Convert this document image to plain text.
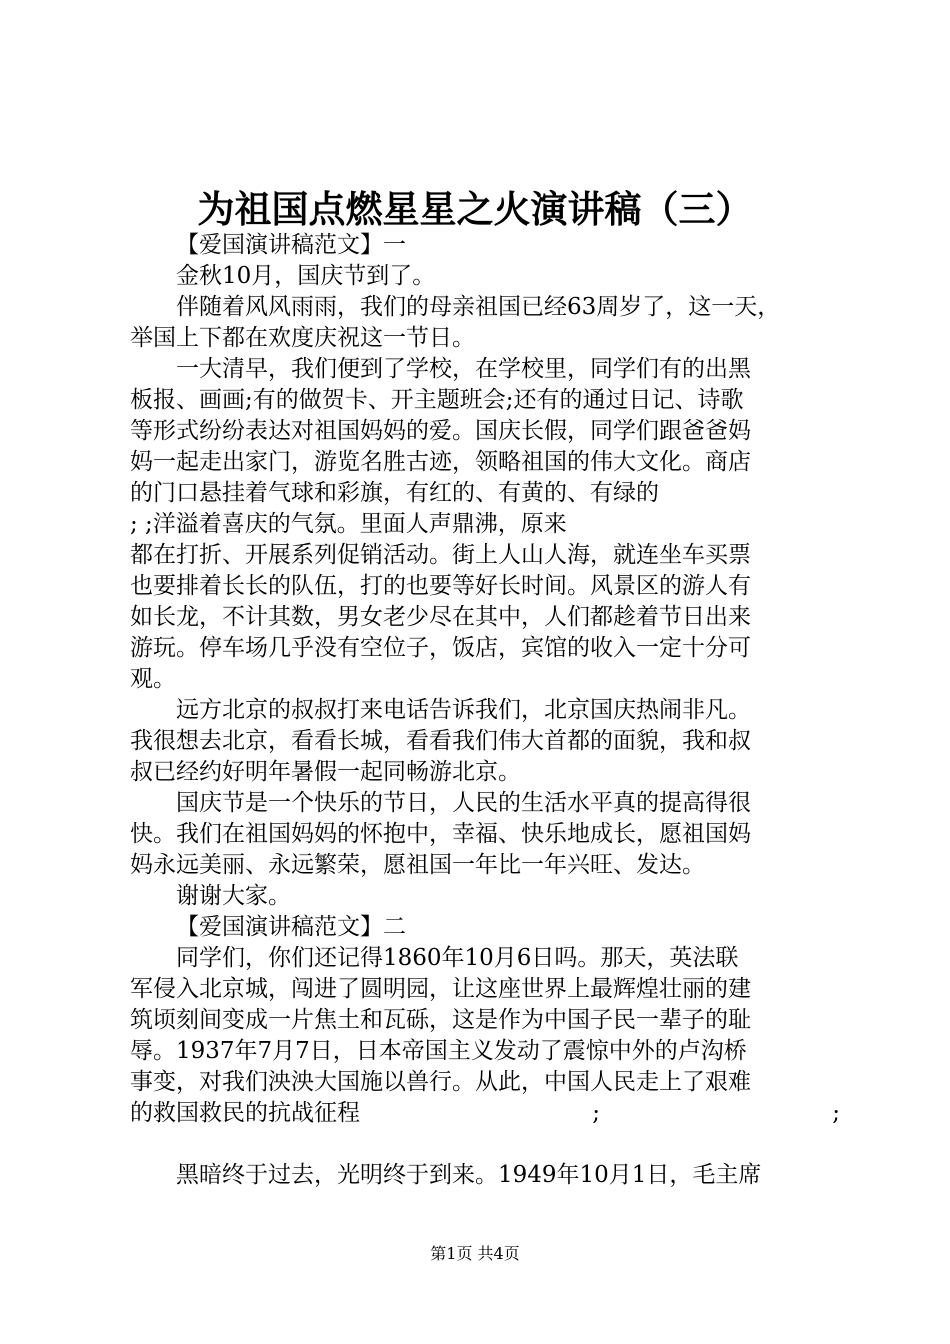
为祖国点燃星星之火演讲稿（三）
【爱国演讲稿范文】一
金秋10月，国庆节到了。
伴随着风风雨雨，我们的母亲祖国已经63周岁了，这一天，
举国上下都在欢度庆祝这一节日。
一大清早，我们便到了学校，在学校里，同学们有的出黑
板报、画画;有的做贺卡、开主题班会;还有的通过日记、诗歌
等形式纷纷表达对祖国妈妈的爱。国庆长假，同学们跟爸爸妈
妈一起走出家门，游览名胜古迹，领略祖国的伟大文化。商店
的门口悬挂着气球和彩旗，有红的、有黄的、有绿的
; ;洋溢着喜庆的气氛。里面人声鼎沸，原来
都在打折、开展系列促销活动。街上人山人海，就连坐车买票
也要排着长长的队伍，打的也要等好长时间。风景区的游人有
如长龙，不计其数，男女老少尽在其中，人们都趁着节日出来
游玩。停车场几乎没有空位子，饭店，宾馆的收入一定十分可
观。
远方北京的叔叔打来电话告诉我们，北京国庆热闹非凡。
我很想去北京，看看长城，看看我们伟大首都的面貌，我和叔
叔已经约好明年暑假一起同畅游北京。
国庆节是一个快乐的节日，人民的生活水平真的提高得很
快。我们在祖国妈妈的怀抱中，幸福、快乐地成长，愿祖国妈
妈永远美丽、永远繁荣，愿祖国一年比一年兴旺、发达。
谢谢大家。
【爱国演讲稿范文】二
同学们，你们还记得1860年10月6日吗。那天，英法联
军侵入北京城，闯进了圆明园，让这座世界上最辉煌壮丽的建
筑顷刻间变成一片焦土和瓦砾，这是作为中国子民一辈子的耻
辱。1937年7月7日，日本帝国主义发动了震惊中外的卢沟桥
事变，对我们泱泱大国施以兽行。从此，中国人民走上了艰难
的救国救民的抗战征程	;	;
黑暗终于过去，光明终于到来。1949年10月1日，毛主席
第1页 共4页
